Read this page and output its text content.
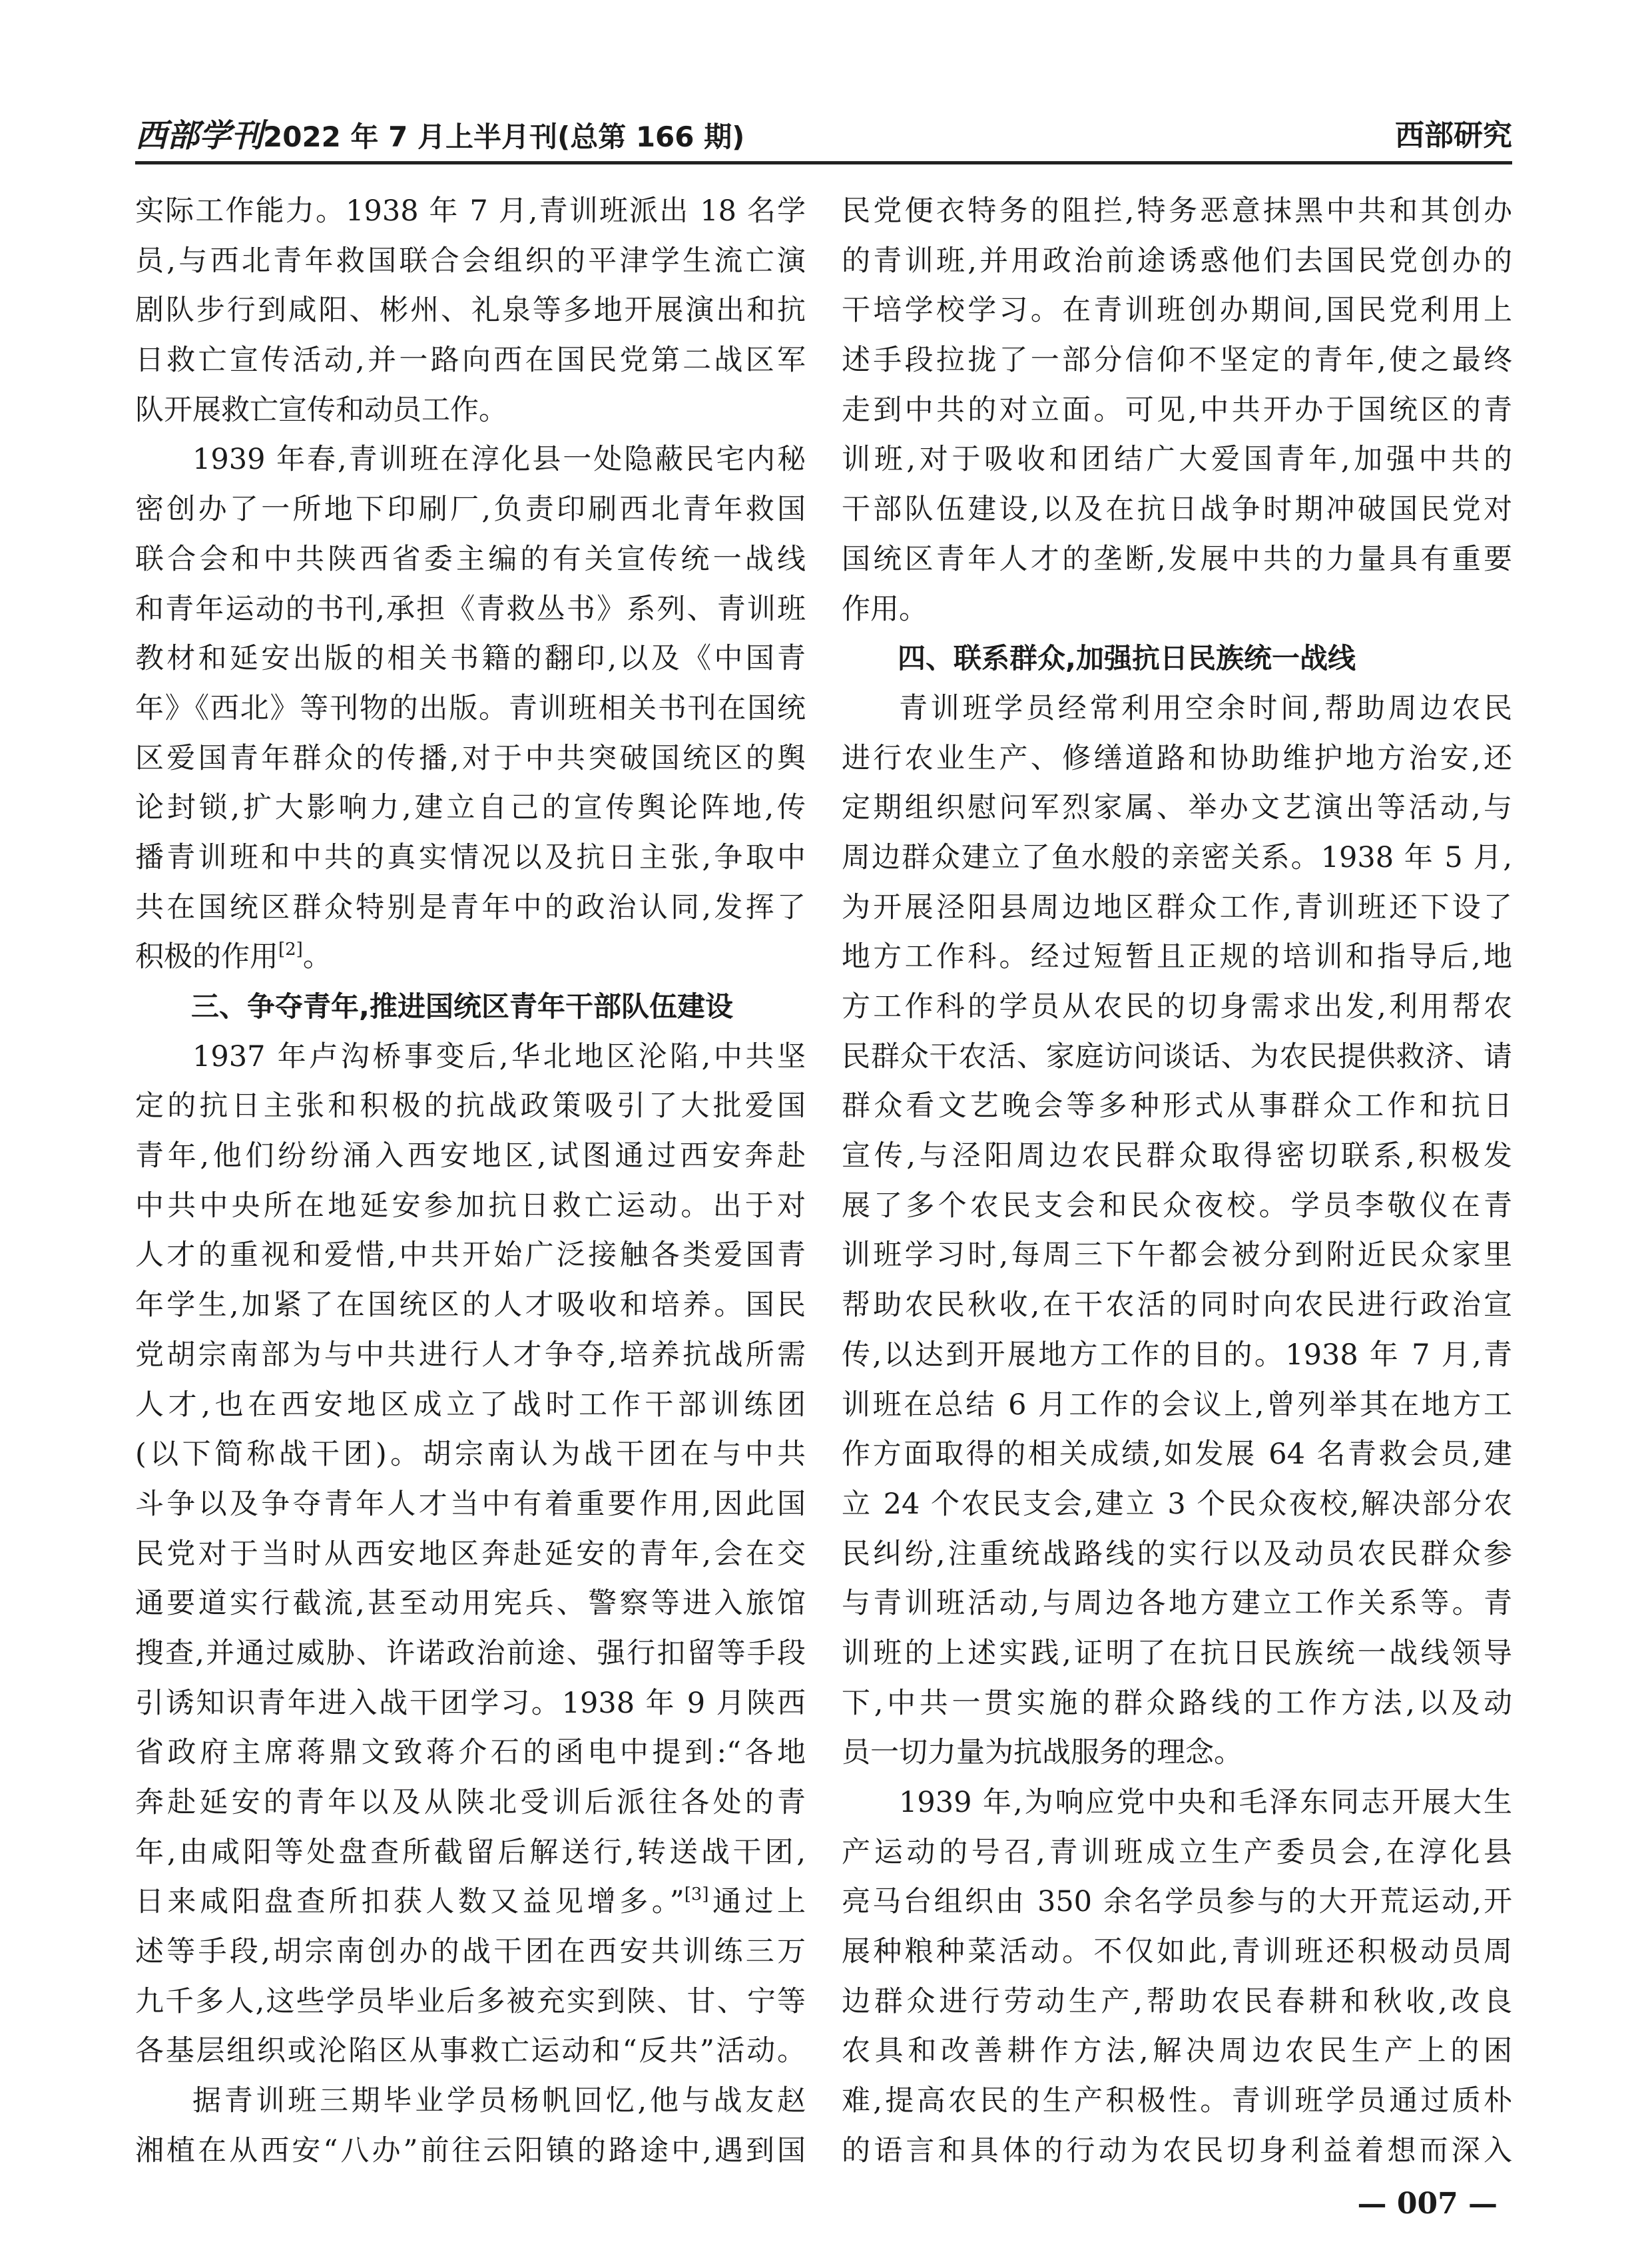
西部学刊2022 年 7 月上半月刊(总第 166 期)	西部研究
实际工作能力。1938 年 7 月,青训班派出 18 名学
员,与西北青年救国联合会组织的平津学生流亡演
剧队步行到咸阳、彬州、礼泉等多地开展演出和抗
日救亡宣传活动,并一路向西在国民党第二战区军
队开展救亡宣传和动员工作。
1939 年春,青训班在淳化县一处隐蔽民宅内秘
密创办了一所地下印刷厂,负责印刷西北青年救国
联合会和中共陕西省委主编的有关宣传统一战线
和青年运动的书刊,承担《青救丛书》系列、青训班
教材和延安出版的相关书籍的翻印,以及《中国青
年》《西北》等刊物的出版。青训班相关书刊在国统
区爱国青年群众的传播,对于中共突破国统区的舆
论封锁,扩大影响力,建立自己的宣传舆论阵地,传
播青训班和中共的真实情况以及抗日主张,争取中
共在国统区群众特别是青年中的政治认同,发挥了
积极的作用[2]。
三、争夺青年,推进国统区青年干部队伍建设
1937 年卢沟桥事变后,华北地区沦陷,中共坚
定的抗日主张和积极的抗战政策吸引了大批爱国
青年,他们纷纷涌入西安地区,试图通过西安奔赴
中共中央所在地延安参加抗日救亡运动。出于对
人才的重视和爱惜,中共开始广泛接触各类爱国青
年学生,加紧了在国统区的人才吸收和培养。国民
党胡宗南部为与中共进行人才争夺,培养抗战所需
人才,也在西安地区成立了战时工作干部训练团
(以下简称战干团)。胡宗南认为战干团在与中共
斗争以及争夺青年人才当中有着重要作用,因此国
民党对于当时从西安地区奔赴延安的青年,会在交
通要道实行截流,甚至动用宪兵、警察等进入旅馆
搜查,并通过威胁、许诺政治前途、强行扣留等手段
引诱知识青年进入战干团学习。1938 年 9 月陕西
省政府主席蒋鼎文致蒋介石的函电中提到:“各地
奔赴延安的青年以及从陕北受训后派往各处的青
年,由咸阳等处盘查所截留后解送行,转送战干团,
日来咸阳盘查所扣获人数又益见增多。”[3]通过上
述等手段,胡宗南创办的战干团在西安共训练三万
九千多人,这些学员毕业后多被充实到陕、甘、宁等
各基层组织或沦陷区从事救亡运动和“反共”活动。
据青训班三期毕业学员杨帆回忆,他与战友赵
湘植在从西安“八办”前往云阳镇的路途中,遇到国
民党便衣特务的阻拦,特务恶意抹黑中共和其创办
的青训班,并用政治前途诱惑他们去国民党创办的
干培学校学习。在青训班创办期间,国民党利用上
述手段拉拢了一部分信仰不坚定的青年,使之最终
走到中共的对立面。可见,中共开办于国统区的青
训班,对于吸收和团结广大爱国青年,加强中共的
干部队伍建设,以及在抗日战争时期冲破国民党对
国统区青年人才的垄断,发展中共的力量具有重要
作用。
四、联系群众,加强抗日民族统一战线
青训班学员经常利用空余时间,帮助周边农民
进行农业生产、修缮道路和协助维护地方治安,还
定期组织慰问军烈家属、举办文艺演出等活动,与
周边群众建立了鱼水般的亲密关系。1938 年 5 月,
为开展泾阳县周边地区群众工作,青训班还下设了
地方工作科。经过短暂且正规的培训和指导后,地
方工作科的学员从农民的切身需求出发,利用帮农
民群众干农活、家庭访问谈话、为农民提供救济、请
群众看文艺晚会等多种形式从事群众工作和抗日
宣传,与泾阳周边农民群众取得密切联系,积极发
展了多个农民支会和民众夜校。学员李敬仪在青
训班学习时,每周三下午都会被分到附近民众家里
帮助农民秋收,在干农活的同时向农民进行政治宣
传,以达到开展地方工作的目的。1938 年 7 月,青
训班在总结 6 月工作的会议上,曾列举其在地方工
作方面取得的相关成绩,如发展 64 名青救会员,建
立 24 个农民支会,建立 3 个民众夜校,解决部分农
民纠纷,注重统战路线的实行以及动员农民群众参
与青训班活动,与周边各地方建立工作关系等。青
训班的上述实践,证明了在抗日民族统一战线领导
下,中共一贯实施的群众路线的工作方法,以及动
员一切力量为抗战服务的理念。
1939 年,为响应党中央和毛泽东同志开展大生
产运动的号召,青训班成立生产委员会,在淳化县
亮马台组织由 350 余名学员参与的大开荒运动,开
展种粮种菜活动。不仅如此,青训班还积极动员周
边群众进行劳动生产,帮助农民春耕和秋收,改良
农具和改善耕作方法,解决周边农民生产上的困
难,提高农民的生产积极性。青训班学员通过质朴
的语言和具体的行动为农民切身利益着想而深入
— 007 —
